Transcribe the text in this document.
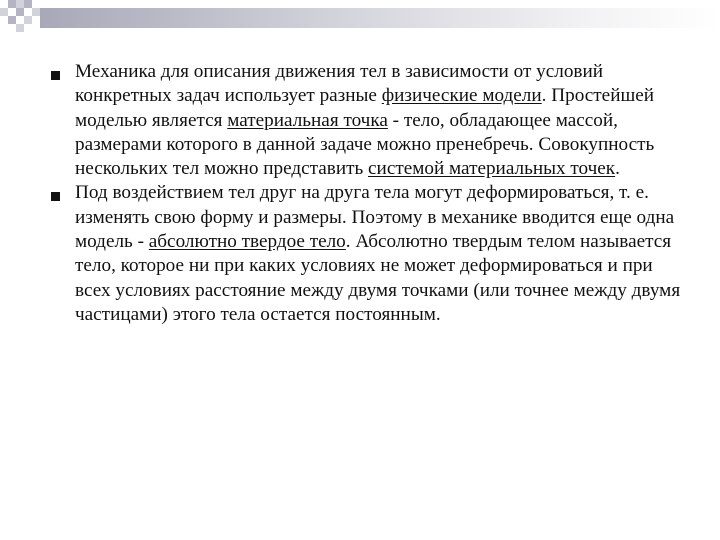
Механика для описания движения тел в зависимости от условий конкретных задач использует разные физические модели. Простейшей моделью является материальная точка - тело, обладающее массой, размерами которого в данной задаче можно пренебречь. Совокупность нескольких тел можно представить системой материальных точек.

Под воздействием тел друг на друга тела могут деформироваться, т. е. изменять свою форму и размеры. Поэтому в механике вводится еще одна модель - абсолютно твердое тело. Абсолютно твердым телом называется тело, которое ни при каких условиях не может деформироваться и при всех условиях расстояние между двумя точками (или точнее между двумя частицами) этого тела остается постоянным.
